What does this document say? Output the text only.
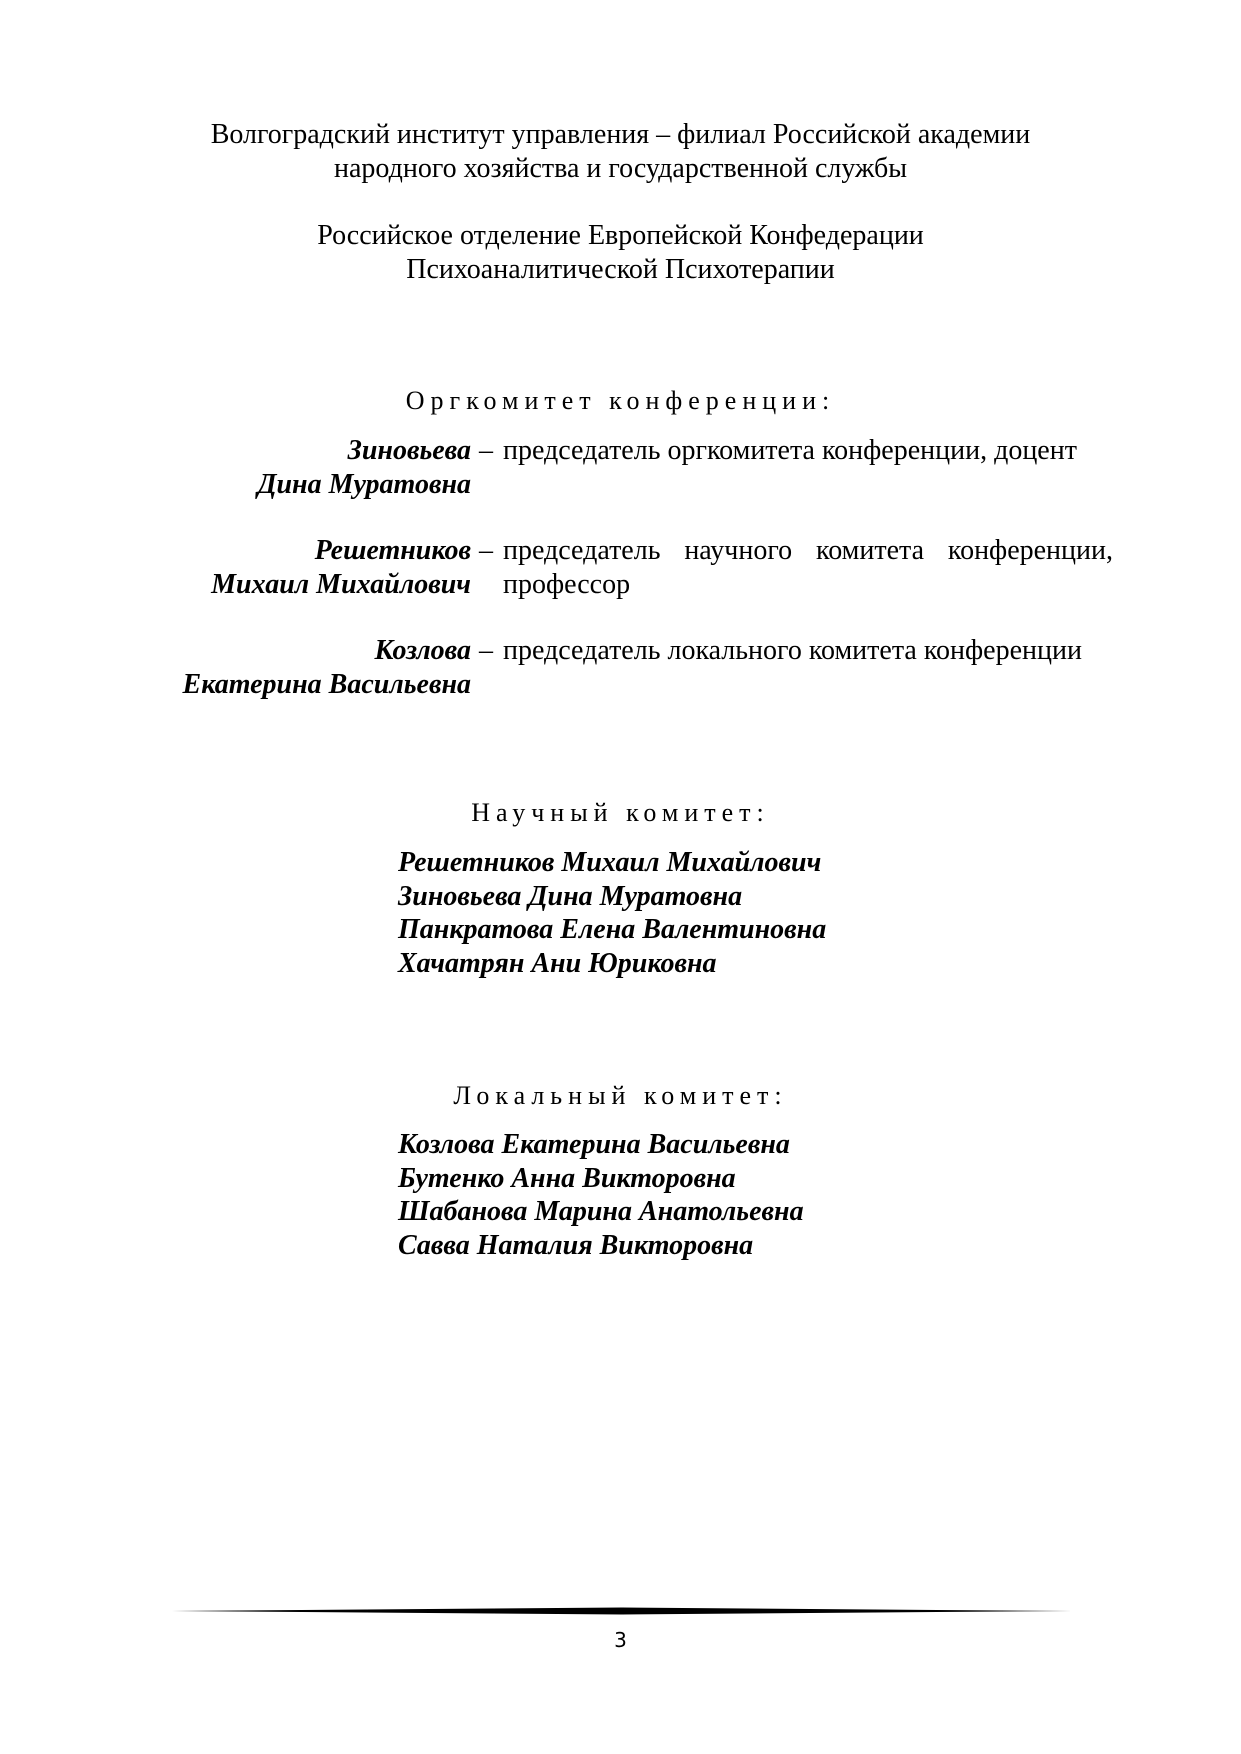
Волгоградский институт управления – филиал Российской академии
народного хозяйства и государственной службы
Российское отделение Европейской Конфедерации
Психоаналитической Психотерапии
Оргкомитет конференции:
Зиновьева
Дина Муратовна
– председатель оргкомитета конференции, доцент
Решетников
Михаил Михайлович
– председатель научного комитета конференции,
профессор
Козлова
Екатерина Васильевна
– председатель локального комитета конференции
Научный комитет:
Решетников Михаил Михайлович
Зиновьева Дина Муратовна
Панкратова Елена Валентиновна
Хачатрян Ани Юриковна
Локальный комитет:
Козлова Екатерина Васильевна
Бутенко Анна Викторовна
Шабанова Марина Анатольевна
Савва Наталия Викторовна
3
